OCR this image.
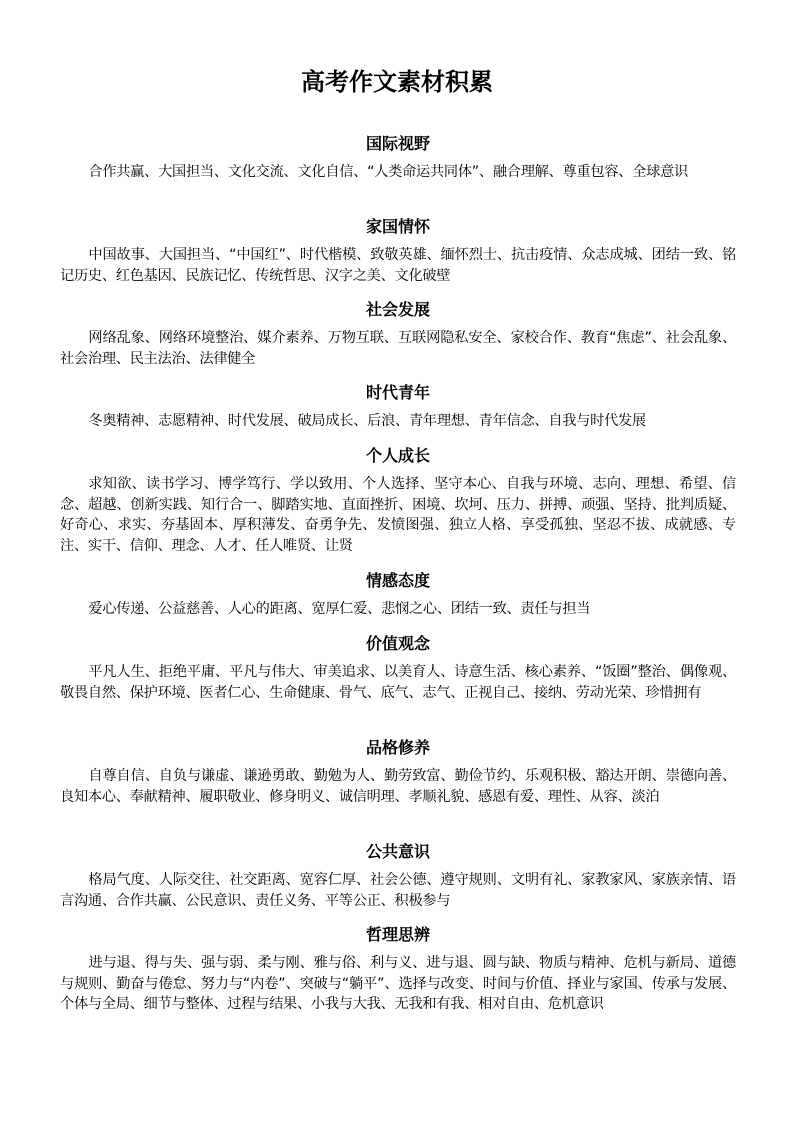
高考作文素材积累
国际视野

合作共赢、大国担当、文化交流、文化自信、“人类命运共同体”、融合理解、尊重包容、全球意识

家国情怀

中国故事、大国担当、“中国红”、时代楷模、致敬英雄、缅怀烈士、抗击疫情、众志成城、团结一致、铭记历史、红色基因、民族记忆、传统哲思、汉字之美、文化破壁

社会发展

网络乱象、网络环境整治、媒介素养、万物互联、互联网隐私安全、家校合作、教育“焦虑”、社会乱象、社会治理、民主法治、法律健全

时代青年

冬奥精神、志愿精神、时代发展、破局成长、后浪、青年理想、青年信念、自我与时代发展

个人成长

求知欲、读书学习、博学笃行、学以致用、个人选择、坚守本心、自我与环境、志向、理想、希望、信念、超越、创新实践、知行合一、脚踏实地、直面挫折、困境、坎坷、压力、拼搏、顽强、坚持、批判质疑、好奇心、求实、夯基固本、厚积薄发、奋勇争先、发愤图强、独立人格、享受孤独、坚忍不拔、成就感、专注、实干、信仰、理念、人才、任人唯贤、让贤

情感态度

爱心传递、公益慈善、人心的距离、宽厚仁爱、悲悯之心、团结一致、责任与担当

价值观念

平凡人生、拒绝平庸、平凡与伟大、审美追求、以美育人、诗意生活、核心素养、“饭圈”整治、偶像观、敬畏自然、保护环境、医者仁心、生命健康、骨气、底气、志气、正视自己、接纳、劳动光荣、珍惜拥有

品格修养

自尊自信、自负与谦虚、谦逊勇敢、勤勉为人、勤劳致富、勤俭节约、乐观积极、豁达开朗、崇德向善、良知本心、奉献精神、履职敬业、修身明义、诚信明理、孝顺礼貌、感恩有爱、理性、从容、淡泊

公共意识

格局气度、人际交往、社交距离、宽容仁厚、社会公德、遵守规则、文明有礼、家教家风、家族亲情、语言沟通、合作共赢、公民意识、责任义务、平等公正、积极参与

哲理思辨

进与退、得与失、强与弱、柔与刚、雅与俗、利与义、进与退、圆与缺、物质与精神、危机与新局、道德与规则、勤奋与倦怠、努力与“内卷”、突破与“躺平”、选择与改变、时间与价值、择业与家国、传承与发展、个体与全局、细节与整体、过程与结果、小我与大我、无我和有我、相对自由、危机意识
